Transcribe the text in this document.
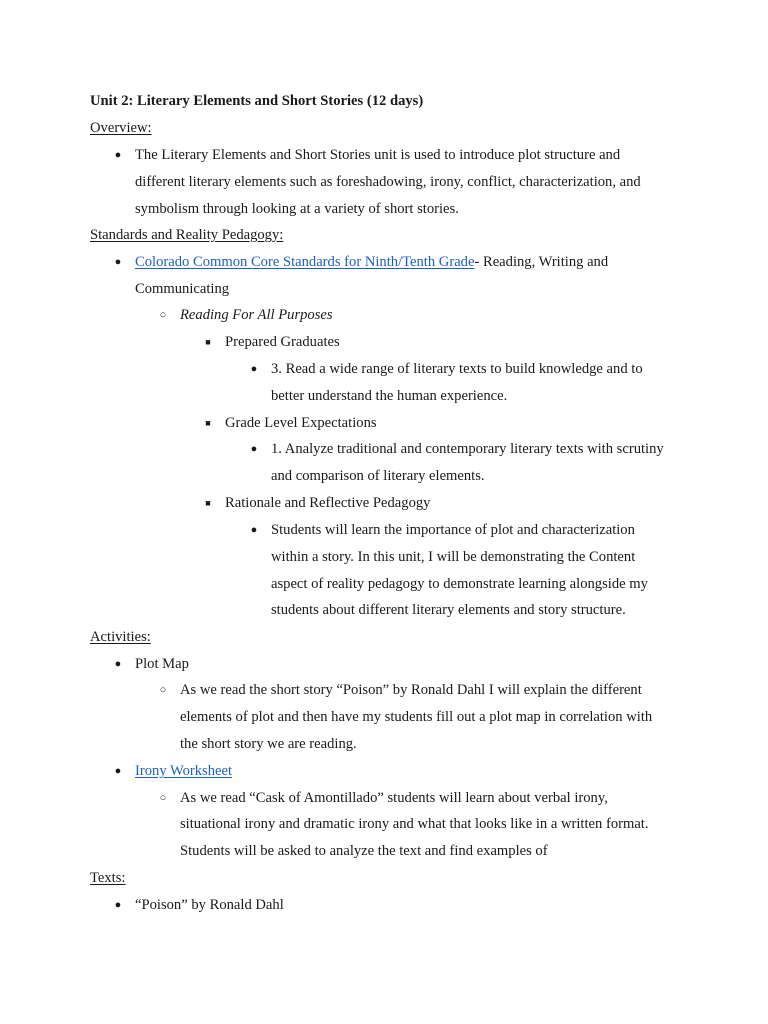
Unit 2: Literary Elements and Short Stories (12 days)
Overview:
● The Literary Elements and Short Stories unit is used to introduce plot structure and
different literary elements such as foreshadowing, irony, conflict, characterization, and
symbolism through looking at a variety of short stories.
Standards and Reality Pedagogy:
● Colorado Common Core Standards for Ninth/Tenth Grade- Reading, Writing and
Communicating
○ Reading For All Purposes
■ Prepared Graduates
● 3. Read a wide range of literary texts to build knowledge and to
better understand the human experience.
■ Grade Level Expectations
● 1. Analyze traditional and contemporary literary texts with scrutiny
and comparison of literary elements.
■ Rationale and Reflective Pedagogy
● Students will learn the importance of plot and characterization
within a story. In this unit, I will be demonstrating the Content
aspect of reality pedagogy to demonstrate learning alongside my
students about different literary elements and story structure.
Activities:
● Plot Map
○ As we read the short story “Poison” by Ronald Dahl I will explain the different
elements of plot and then have my students fill out a plot map in correlation with
the short story we are reading.
● Irony Worksheet
○ As we read “Cask of Amontillado” students will learn about verbal irony,
situational irony and dramatic irony and what that looks like in a written format.
Students will be asked to analyze the text and find examples of
Texts:
● “Poison” by Ronald Dahl
